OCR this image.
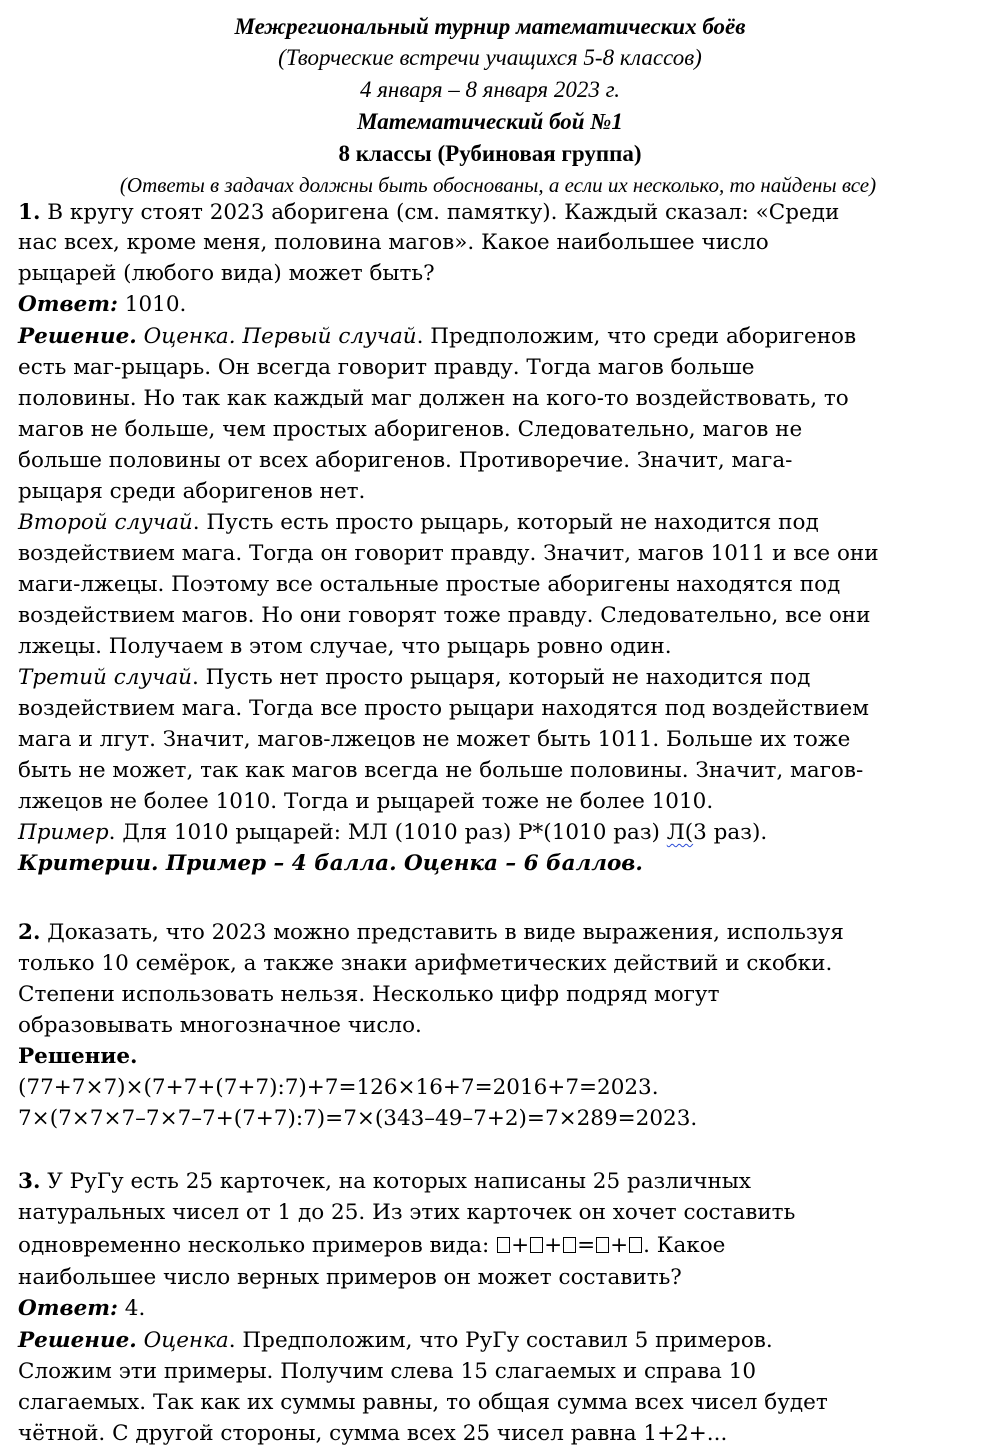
Межрегиональный турнир математических боёв
(Творческие встречи учащихся 5-8 классов)
4 января – 8 января 2023 г.
Математический бой №1
8 классы (Рубиновая группа)
(Ответы в задачах должны быть обоснованы, а если их несколько, то найдены все)
1. В кругу стоят 2023 аборигена (см. памятку). Каждый сказал: «Среди
нас всех, кроме меня, половина магов». Какое наибольшее число
рыцарей (любого вида) может быть?
Ответ: 1010.
Решение. Оценка. Первый случай. Предположим, что среди аборигенов
есть маг-рыцарь. Он всегда говорит правду. Тогда магов больше
половины. Но так как каждый маг должен на кого-то воздействовать, то
магов не больше, чем простых аборигенов. Следовательно, магов не
больше половины от всех аборигенов. Противоречие. Значит, мага-
рыцаря среди аборигенов нет.
Второй случай. Пусть есть просто рыцарь, который не находится под
воздействием мага. Тогда он говорит правду. Значит, магов 1011 и все они
маги-лжецы. Поэтому все остальные простые аборигены находятся под
воздействием магов. Но они говорят тоже правду. Следовательно, все они
лжецы. Получаем в этом случае, что рыцарь ровно один.
Третий случай. Пусть нет просто рыцаря, который не находится под
воздействием мага. Тогда все просто рыцари находятся под воздействием
мага и лгут. Значит, магов-лжецов не может быть 1011. Больше их тоже
быть не может, так как магов всегда не больше половины. Значит, магов-
лжецов не более 1010. Тогда и рыцарей тоже не более 1010.
Пример. Для 1010 рыцарей: МЛ (1010 раз) Р*(1010 раз) Л(3 раз).
Критерии. Пример – 4 балла. Оценка – 6 баллов.
2. Доказать, что 2023 можно представить в виде выражения, используя
только 10 семёрок, а также знаки арифметических действий и скобки.
Степени использовать нельзя. Несколько цифр подряд могут
образовывать многозначное число.
Решение.
(77+7×7)×(7+7+(7+7):7)+7=126×16+7=2016+7=2023.
7×(7×7×7–7×7–7+(7+7):7)=7×(343–49–7+2)=7×289=2023.
3. У РуГу есть 25 карточек, на которых написаны 25 различных
натуральных чисел от 1 до 25. Из этих карточек он хочет составить
одновременно несколько примеров вида: + + = + . Какое
наибольшее число верных примеров он может составить?
Ответ: 4.
Решение. Оценка. Предположим, что РуГу составил 5 примеров.
Сложим эти примеры. Получим слева 15 слагаемых и справа 10
слагаемых. Так как их суммы равны, то общая сумма всех чисел будет
чётной. С другой стороны, сумма всех 25 чисел равна 1+2+...
